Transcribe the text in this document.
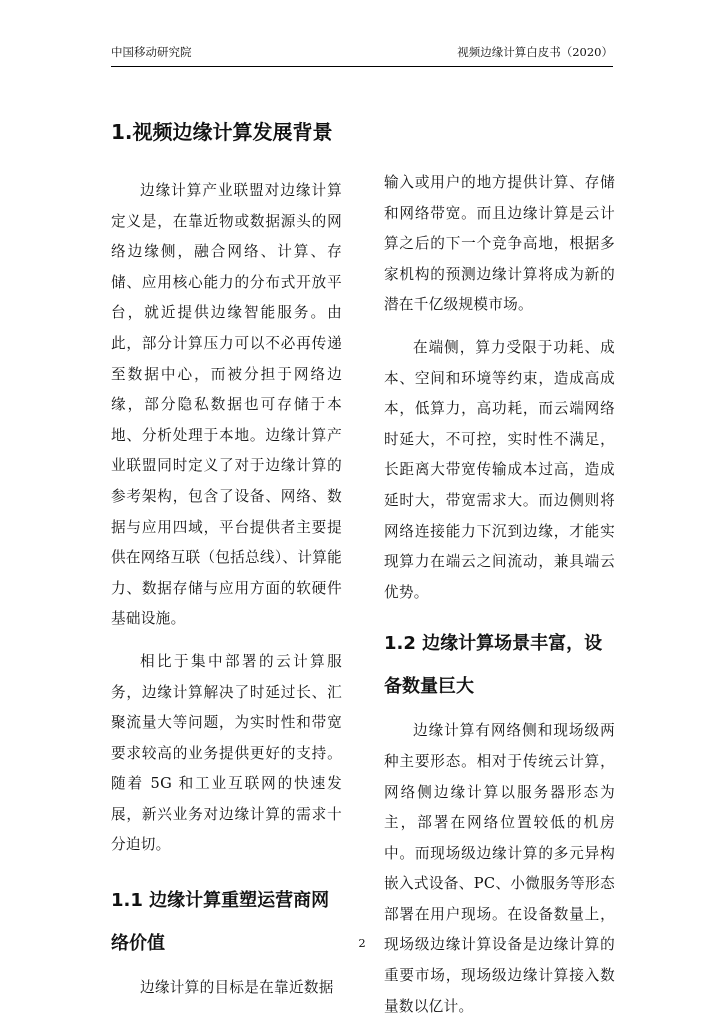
中国移动研究院	视频边缘计算白皮书（2020）
1.视频边缘计算发展背景

边缘计算产业联盟对边缘计算定义是，在靠近物或数据源头的网络边缘侧，融合网络、计算、存储、应用核心能力的分布式开放平台，就近提供边缘智能服务。由此，部分计算压力可以不必再传递至数据中心，而被分担于网络边缘，部分隐私数据也可存储于本地、分析处理于本地。边缘计算产业联盟同时定义了对于边缘计算的参考架构，包含了设备、网络、数据与应用四域，平台提供者主要提供在网络互联（包括总线）、计算能力、数据存储与应用方面的软硬件基础设施。

相比于集中部署的云计算服务，边缘计算解决了时延过长、汇聚流量大等问题，为实时性和带宽要求较高的业务提供更好的支持。随着 5G 和工业互联网的快速发展，新兴业务对边缘计算的需求十分迫切。

1.1 边缘计算重塑运营商网络价值

边缘计算的目标是在靠近数据

输入或用户的地方提供计算、存储和网络带宽。而且边缘计算是云计算之后的下一个竞争高地，根据多家机构的预测边缘计算将成为新的潜在千亿级规模市场。

在端侧，算力受限于功耗、成本、空间和环境等约束，造成高成本，低算力，高功耗，而云端网络时延大，不可控，实时性不满足，长距离大带宽传输成本过高，造成延时大，带宽需求大。而边侧则将网络连接能力下沉到边缘，才能实现算力在端云之间流动，兼具端云优势。

1.2 边缘计算场景丰富，设备数量巨大

边缘计算有网络侧和现场级两种主要形态。相对于传统云计算，网络侧边缘计算以服务器形态为主，部署在网络位置较低的机房中。而现场级边缘计算的多元异构嵌入式设备、PC、小微服务等形态部署在用户现场。在设备数量上，现场级边缘计算设备是边缘计算的重要市场，现场级边缘计算接入数量数以亿计。

2
